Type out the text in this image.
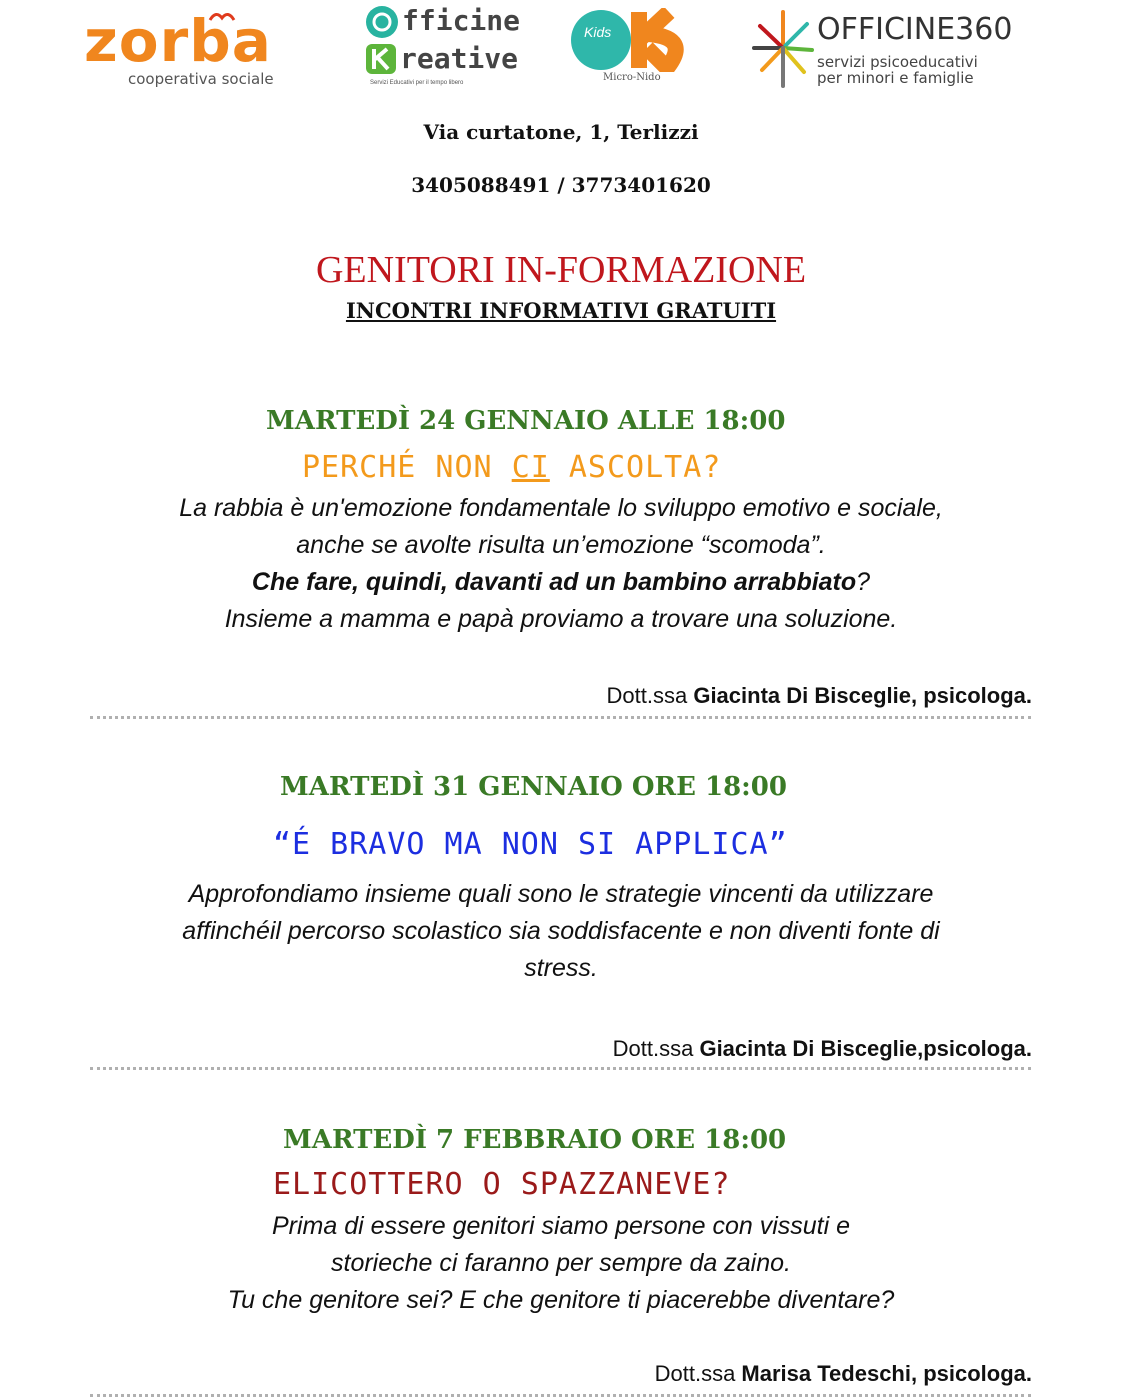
zorba
cooperativa sociale
fficine
reative
Servizi Educativi per il tempo libero
Kids
Micro-Nido
OFFICINE360
servizi psicoeducativi
per minori e famiglie
Via curtatone, 1, Terlizzi
3405088491 / 3773401620
GENITORI IN-FORMAZIONE
INCONTRI INFORMATIVI GRATUITI
MARTEDÌ 24 GENNAIO ALLE 18:00
PERCHÉ NON CI ASCOLTA?
La rabbia è un'emozione fondamentale lo sviluppo emotivo e sociale,
anche se avolte risulta un’emozione “scomoda”.
Che fare, quindi, davanti ad un bambino arrabbiato?
Insieme a mamma e papà proviamo a trovare una soluzione.
Dott.ssa Giacinta Di Bisceglie, psicologa.
MARTEDÌ 31 GENNAIO ORE 18:00
“É BRAVO MA NON SI APPLICA”
Approfondiamo insieme quali sono le strategie vincenti da utilizzare
affinchéil percorso scolastico sia soddisfacente e non diventi fonte di
stress.
Dott.ssa Giacinta Di Bisceglie,psicologa.
MARTEDÌ 7 FEBBRAIO ORE 18:00
ELICOTTERO O SPAZZANEVE?
Prima di essere genitori siamo persone con vissuti e
storieche ci faranno per sempre da zaino.
Tu che genitore sei? E che genitore ti piacerebbe diventare?
Dott.ssa Marisa Tedeschi, psicologa.
